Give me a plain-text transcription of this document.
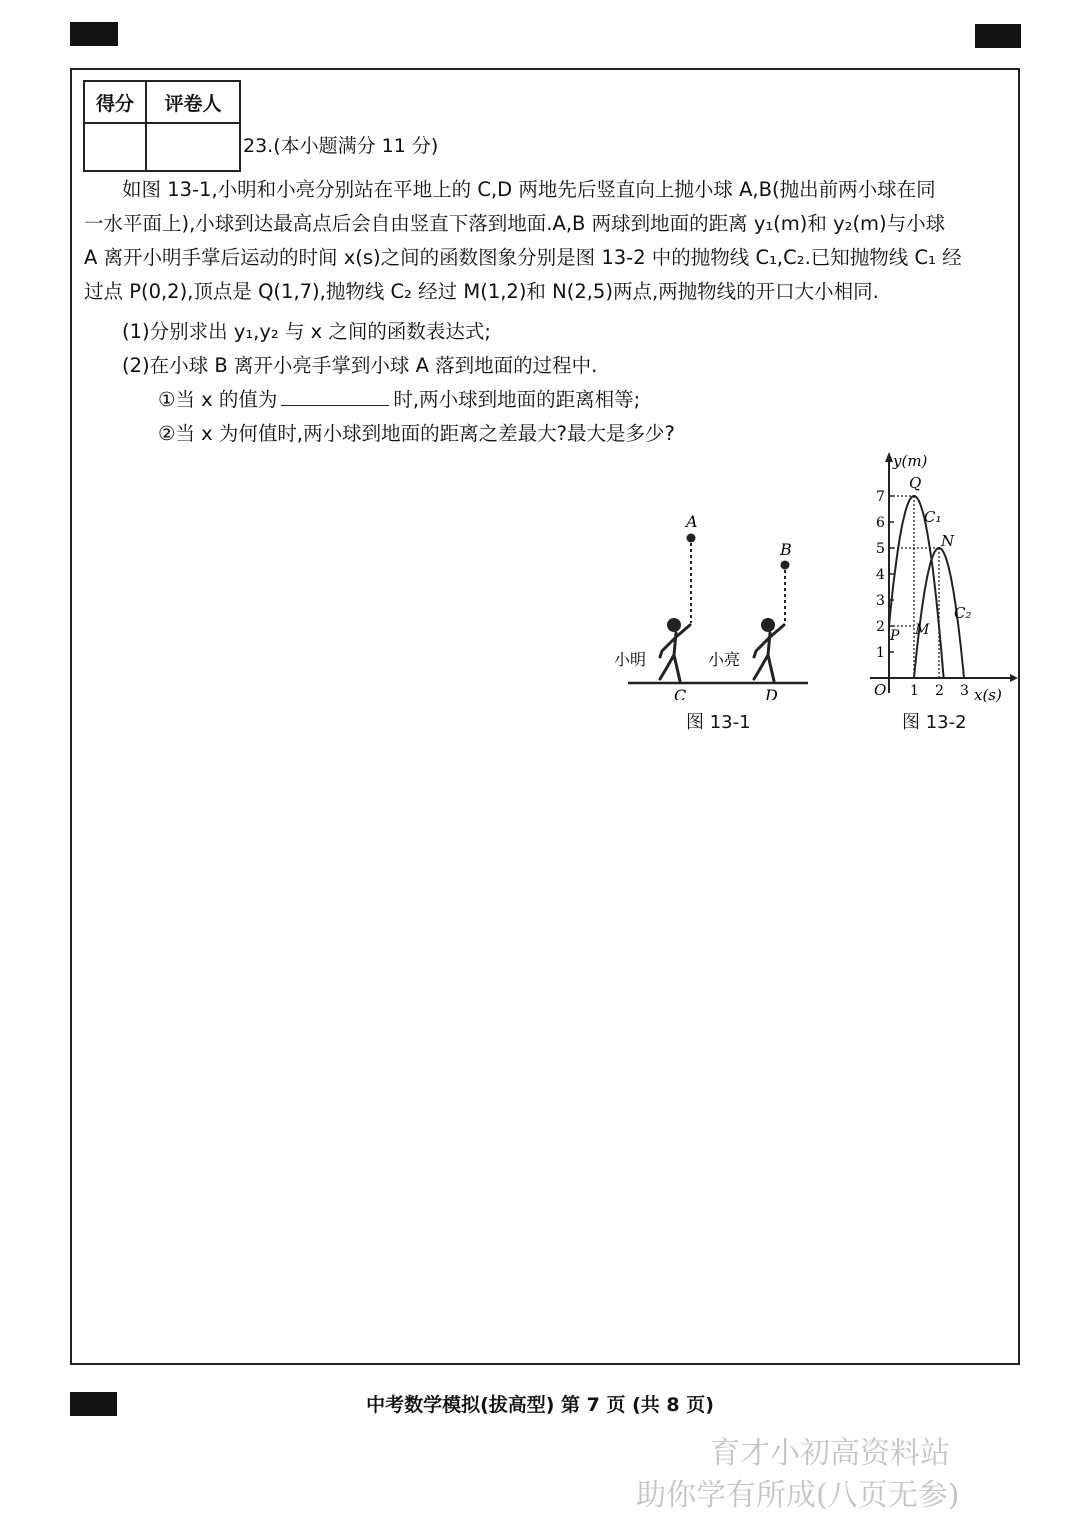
得分	评卷人

23.(本小题满分 11 分)
如图 13-1,小明和小亮分别站在平地上的 C,D 两地先后竖直向上抛小球 A,B(抛出前两小球在同
一水平面上),小球到达最高点后会自由竖直下落到地面.A,B 两球到地面的距离 y₁(m)和 y₂(m)与小球
A 离开小明手掌后运动的时间 x(s)之间的函数图象分别是图 13-2 中的抛物线 C₁,C₂.已知抛物线 C₁ 经
过点 P(0,2),顶点是 Q(1,7),抛物线 C₂ 经过 M(1,2)和 N(2,5)两点,两抛物线的开口大小相同.
(1)分别求出 y₁,y₂ 与 x 之间的函数表达式;
(2)在小球 B 离开小亮手掌到小球 A 落到地面的过程中.
①当 x 的值为	时,两小球到地面的距离相等;
②当 x 为何值时,两小球到地面的距离之差最大?最大是多少?
A
小明
C
B
小亮
D
图 13-1
y(m)
x(s)
O
1
2
3
4
5
6
7
1 2 3
Q
N
P M
C₁
C₂
图 13-2
中考数学模拟(拔高型) 第 7 页 (共 8 页)
育才小初高资料站
助你学有所成(八页无参)
